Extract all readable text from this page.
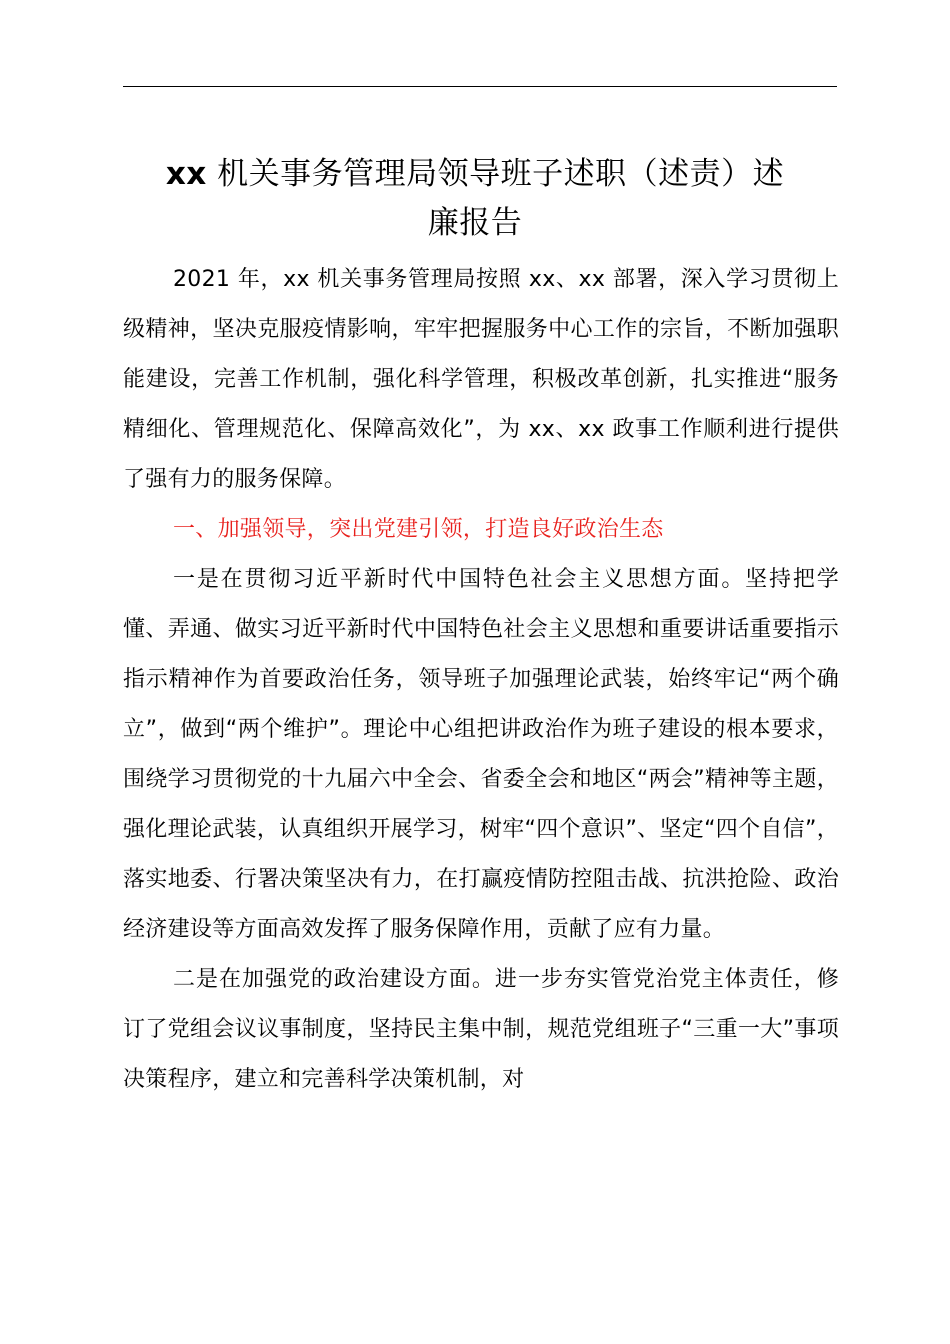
xx 机关事务管理局领导班子述职（述责）述
廉报告

2021 年，xx 机关事务管理局按照 xx、xx 部署，深入学习贯彻上级精神，坚决克服疫情影响，牢牢把握服务中心工作的宗旨，不断加强职能建设，完善工作机制，强化科学管理，积极改革创新，扎实推进“服务精细化、管理规范化、保障高效化”，为 xx、xx 政事工作顺利进行提供了强有力的服务保障。

一、加强领导，突出党建引领，打造良好政治生态

一是在贯彻习近平新时代中国特色社会主义思想方面。坚持把学懂、弄通、做实习近平新时代中国特色社会主义思想和重要讲话重要指示指示精神作为首要政治任务，领导班子加强理论武装，始终牢记“两个确立”，做到“两个维护”。理论中心组把讲政治作为班子建设的根本要求，围绕学习贯彻党的十九届六中全会、省委全会和地区“两会”精神等主题，强化理论武装，认真组织开展学习，树牢“四个意识”、坚定“四个自信”，落实地委、行署决策坚决有力，在打赢疫情防控阻击战、抗洪抢险、政治经济建设等方面高效发挥了服务保障作用，贡献了应有力量。

二是在加强党的政治建设方面。进一步夯实管党治党主体责任，修订了党组会议议事制度，坚持民主集中制，规范党组班子“三重一大”事项决策程序，建立和完善科学决策机制，对
